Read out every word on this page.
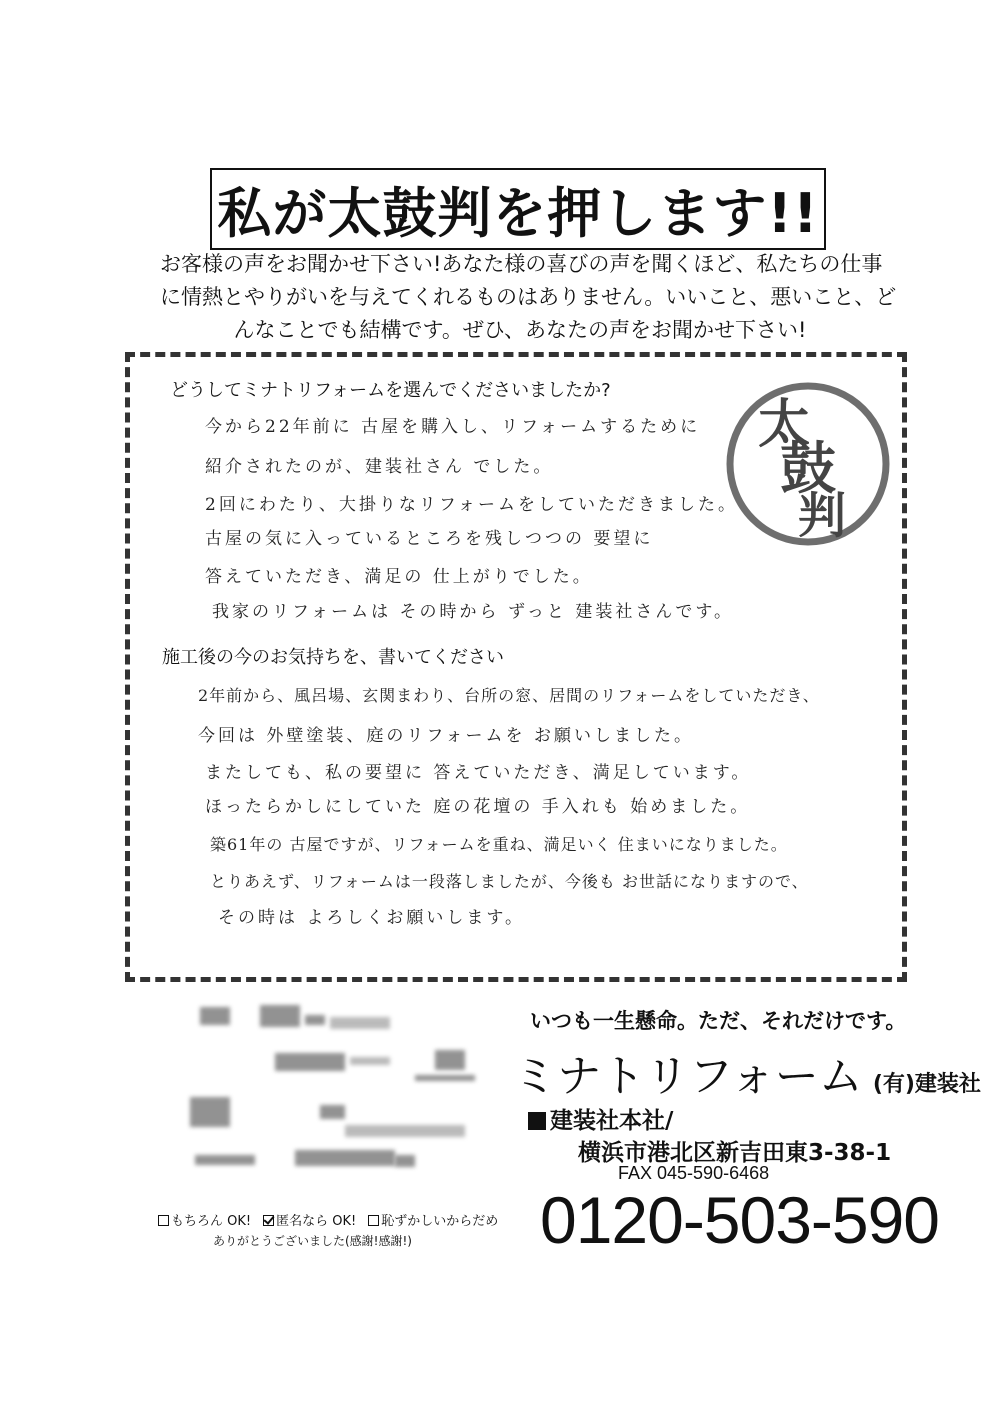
私が太鼓判を押します!!
お客様の声をお聞かせ下さい!あなた様の喜びの声を聞くほど、私たちの仕事
に情熱とやりがいを与えてくれるものはありません。いいこと、悪いこと、ど
んなことでも結構です。ぜひ、あなたの声をお聞かせ下さい!
どうしてミナトリフォームを選んでくださいましたか?
今から22年前に 古屋を購入し、リフォームするために
紹介されたのが、建装社さん でした。
2回にわたり、大掛りなリフォームをしていただきました。
古屋の気に入っているところを残しつつの 要望に
答えていただき、満足の 仕上がりでした。
我家のリフォームは その時から ずっと 建装社さんです。
施工後の今のお気持ちを、書いてください
2年前から、風呂場、玄関まわり、台所の窓、居間のリフォームをしていただき、
今回は 外壁塗装、庭のリフォームを お願いしました。
またしても、私の要望に 答えていただき、満足しています。
ほったらかしにしていた 庭の花壇の 手入れも 始めました。
築61年の 古屋ですが、リフォームを重ね、満足いく 住まいになりました。
とりあえず、リフォームは一段落しましたが、今後も お世話になりますので、
その時は よろしくお願いします。
太
鼓
判
いつも一生懸命。ただ、それだけです。
ミナトリフォーム (有)建装社
建装社本社/
横浜市港北区新吉田東3-38-1
FAX 045-590-6468
0120-503-590
もちろん OK!	匿名なら OK!	恥ずかしいからだめ
ありがとうございました(感謝!感謝!)
